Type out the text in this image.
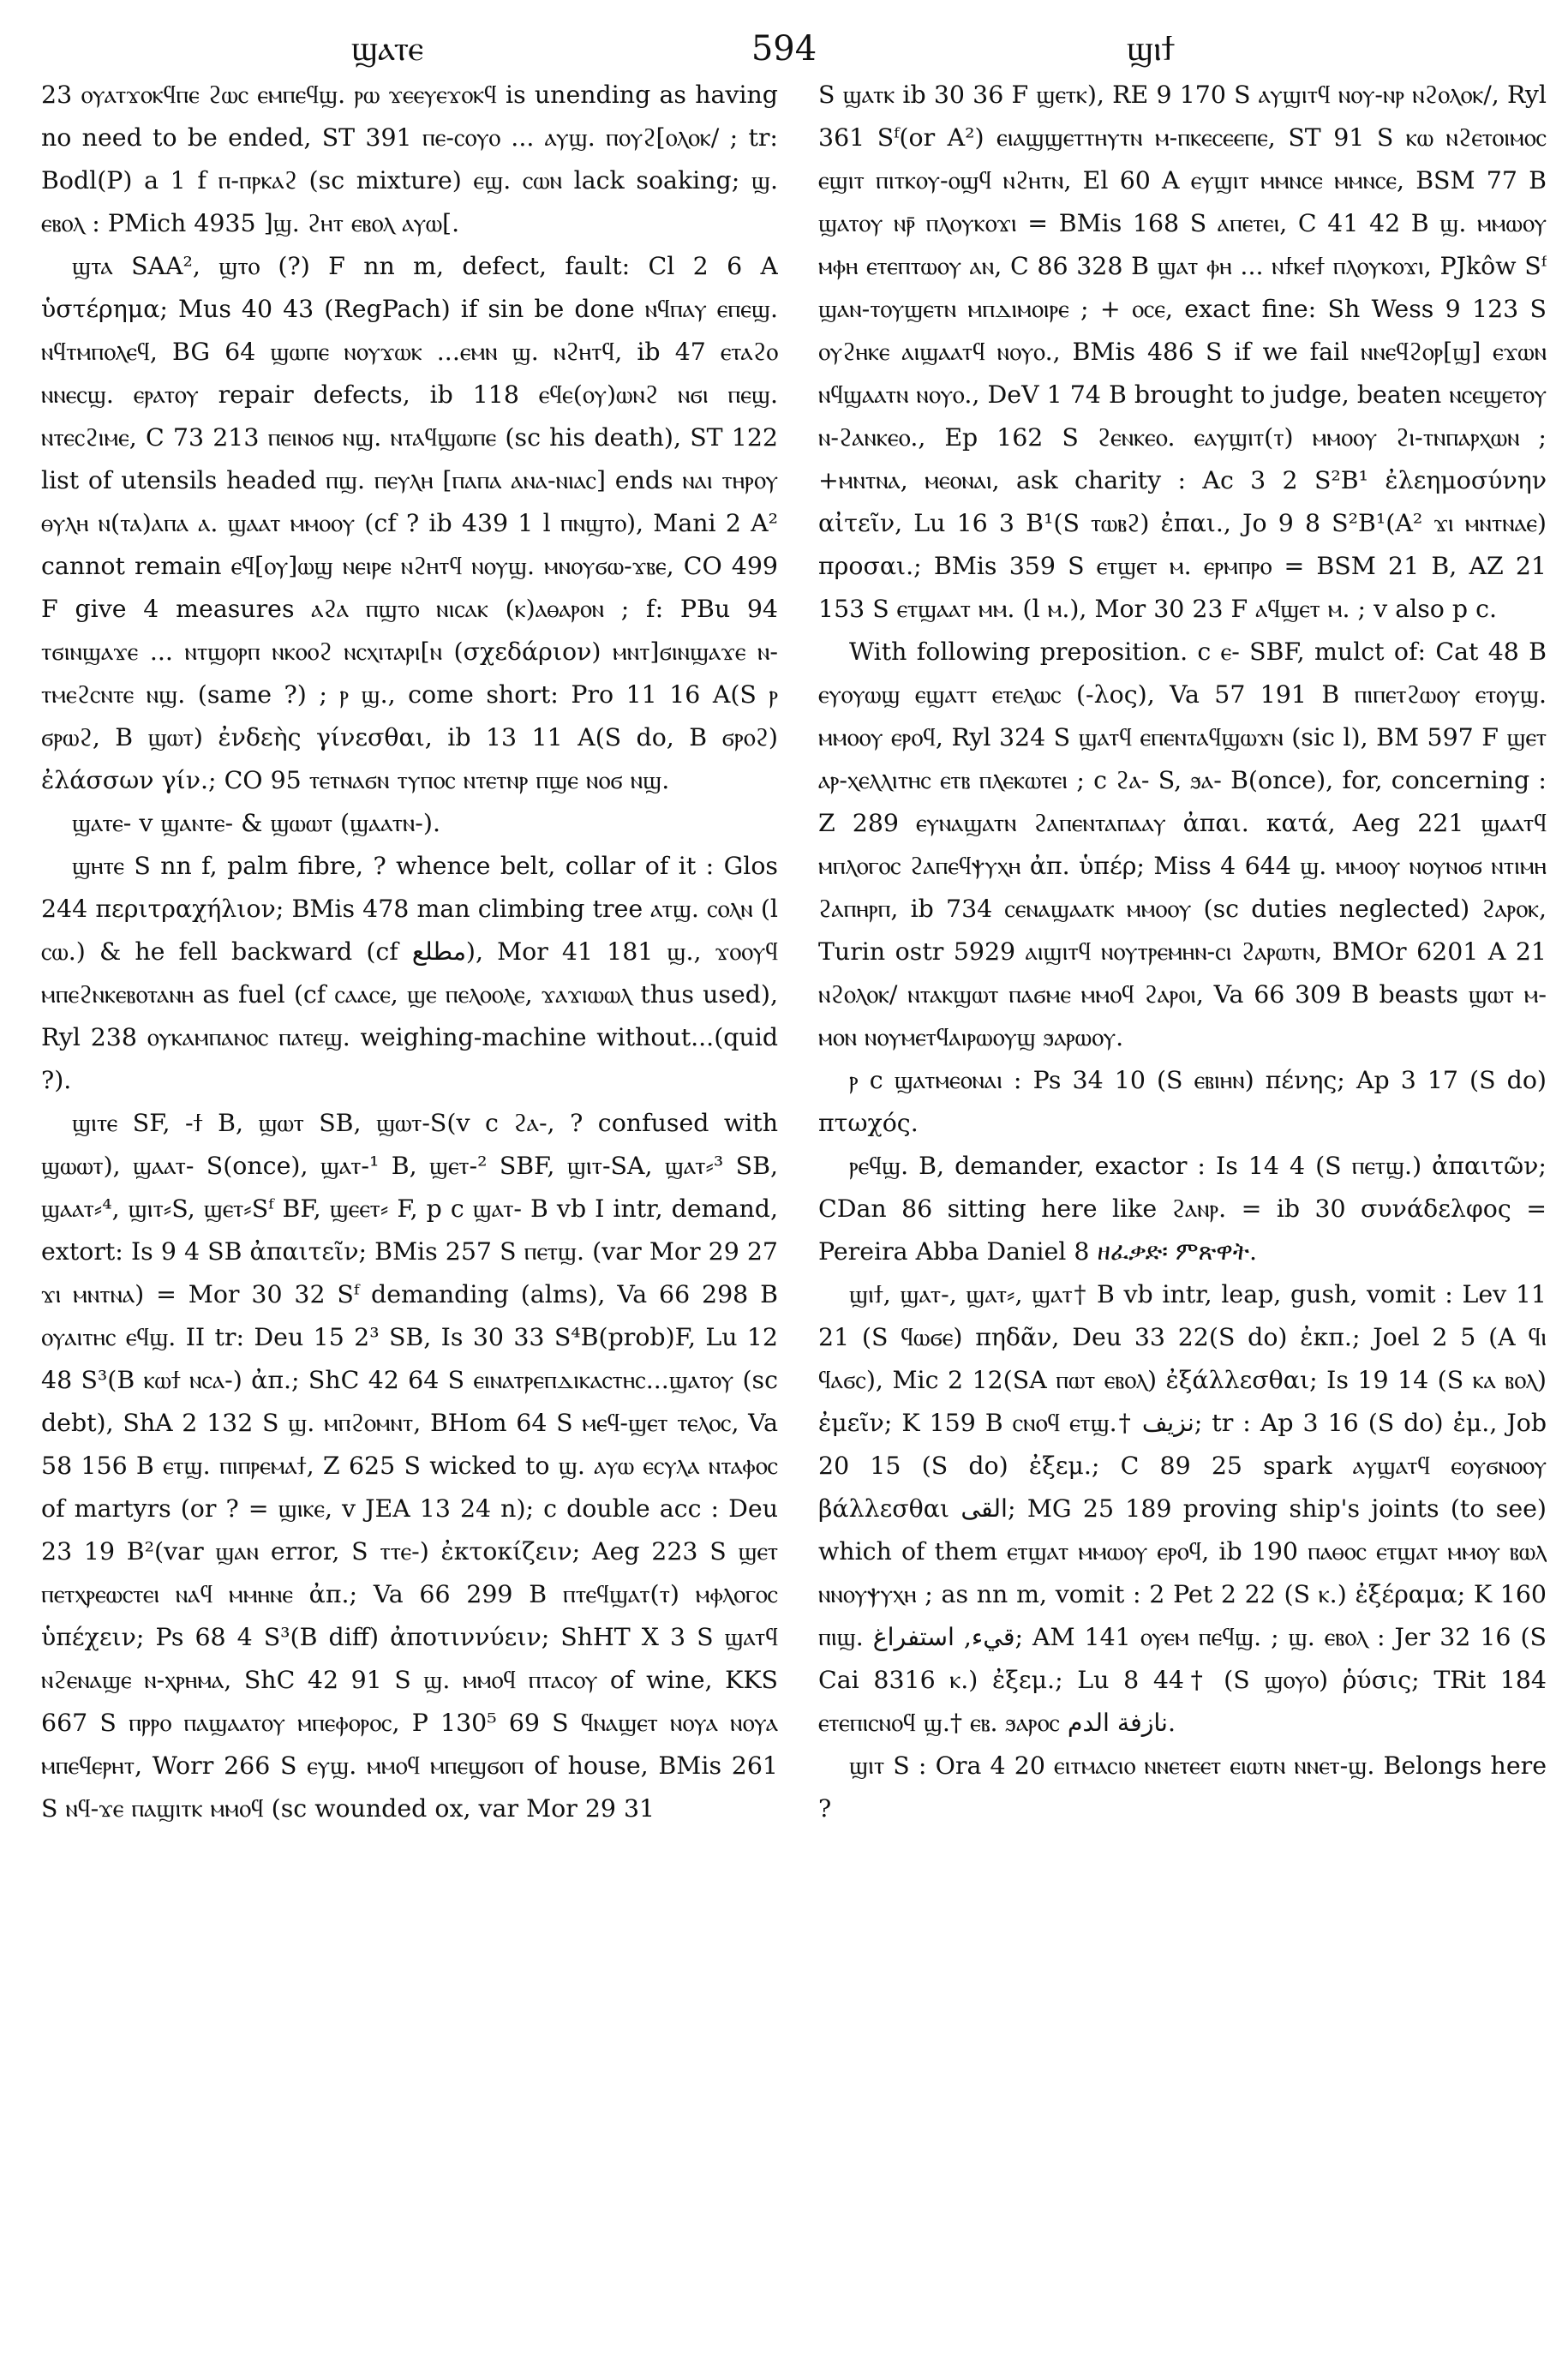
ϣⲁⲧⲉ	594	ϣⲓϯ

23 ⲟⲩⲁⲧϫⲟⲕϥⲡⲉ ϩⲱⲥ ⲉⲙⲡⲉϥϣ. ⲣⲱ ϫⲉⲉⲩⲉϫⲟⲕϥ is unending as having no need to be ended, ST 391 ⲡⲉ-ⲥⲟⲩⲟ ... ⲁⲩϣ. ⲡⲟⲩϩ[ⲟⲗⲟⲕ/ ; tr: Bodl(P) a 1 f ⲡ-ⲡⲣⲕⲁϩ (sc mixture) ⲉϣ. ⲥⲱⲛ lack soaking; ϣ. ⲉⲃⲟⲗ : PMich 4935 ]ϣ. ϩⲏⲧ ⲉⲃⲟⲗ ⲁⲩⲱ[.

ϣⲧⲁ SAA², ϣⲧⲟ (?) F nn m, defect, fault: Cl 2 6 A ὑστέρημα; Mus 40 43 (RegPach) if sin be done ⲛϥⲡⲁⲩ ⲉⲡⲉϣ. ⲛϥⲧⲙⲡⲟⲗⲉϥ, BG 64 ϣⲱⲡⲉ ⲛⲟⲩϫⲱⲕ ...ⲉⲙⲛ ϣ. ⲛϩⲏⲧϥ, ib 47 ⲉⲧⲁϩⲟ ⲛⲛⲉⲥϣ. ⲉⲣⲁⲧⲟⲩ repair defects, ib 118 ⲉϥⲉ(ⲟⲩ)ⲱⲛϩ ⲛϭⲓ ⲡⲉϣ. ⲛⲧⲉⲥϩⲓⲙⲉ, C 73 213 ⲡⲉⲓⲛⲟϭ ⲛϣ. ⲛⲧⲁϥϣⲱⲡⲉ (sc his death), ST 122 list of utensils headed ⲡϣ. ⲡⲉⲩⲗⲏ [ⲡⲁⲡⲁ ⲁⲛⲁ-ⲛⲓⲁⲥ] ends ⲛⲁⲓ ⲧⲏⲣⲟⲩ ⲑⲩⲗⲏ ⲛ(ⲧⲁ)ⲁⲡⲁ ⲁ. ϣⲁⲁⲧ ⲙⲙⲟⲟⲩ (cf ? ib 439 1 l ⲡⲛϣⲧⲟ), Mani 2 A² cannot remain ⲉϥ[ⲟⲩ]ⲱϣ ⲛⲉⲓⲣⲉ ⲛϩⲏⲧϥ ⲛⲟⲩϣ. ⲙⲛⲟⲩϭⲱ-ϫⲃⲉ, CO 499 F give 4 measures ⲁϩⲁ ⲡϣⲧⲟ ⲛⲓⲥⲁⲕ (ⲕ)ⲁⲑⲁⲣⲟⲛ ; f: PBu 94 ⲧϭⲓⲛϣⲁϫⲉ ... ⲛⲧϣⲟⲣⲡ ⲛⲕⲟⲟϩ ⲛⲥⲭⲓⲧⲁⲣⲓ[ⲛ (σχεδάριον) ⲙⲛⲧ]ϭⲓⲛϣⲁϫⲉ ⲛ-ⲧⲙⲉϩⲥⲛⲧⲉ ⲛϣ. (same ?) ; ⲣ ϣ., come short: Pro 11 16 A(S ⲣ ϭⲣⲱϩ, B ϣⲱⲧ) ἐνδεὴς γίνεσθαι, ib 13 11 A(S do, B ϭⲣⲟϩ) ἐλάσσων γίν.; CO 95 ⲧⲉⲧⲛⲁϭⲛ ⲧⲩⲡⲟⲥ ⲛⲧⲉⲧⲛⲣ ⲡϣⲉ ⲛⲟϭ ⲛϣ.

ϣⲁⲧⲉ- v ϣⲁⲛⲧⲉ- & ϣⲱⲱⲧ (ϣⲁⲁⲧⲛ-).

ϣⲏⲧⲉ S nn f, palm fibre, ? whence belt, collar of it : Glos 244 περιτραχήλιον; BMis 478 man climbing tree ⲁⲧϣ. ⲥⲟⲗⲛ (l ⲥⲱ.) & he fell backward (cf مطلع), Mor 41 181 ϣ., ϫⲟⲟⲩϥ ⲙⲡⲉϩⲛⲕⲉⲃⲟⲧⲁⲛⲏ as fuel (cf ⲥⲁⲁⲥⲉ, ϣⲉ ⲡⲉⲗⲟⲟⲗⲉ, ϫⲁϫⲓⲱⲱⲗ thus used), Ryl 238 ⲟⲩⲕⲁⲙⲡⲁⲛⲟⲥ ⲡⲁⲧⲉϣ. weighing-machine without...(quid ?).

ϣⲓⲧⲉ SF, -ϯ B, ϣⲱⲧ SB, ϣⲱⲧ-S(v c ϩⲁ-, ? confused with ϣⲱⲱⲧ), ϣⲁⲁⲧ- S(once), ϣⲁⲧ-¹ B, ϣⲉⲧ-² SBF, ϣⲓⲧ-SA, ϣⲁⲧ⸗³ SB, ϣⲁⲁⲧ⸗⁴, ϣⲓⲧ⸗S, ϣⲉⲧ⸗Sᶠ BF, ϣⲉⲉⲧ⸗ F, p c ϣⲁⲧ- B vb I intr, demand, extort: Is 9 4 SB ἀπαιτεῖν; BMis 257 S ⲡⲉⲧϣ. (var Mor 29 27 ϫⲓ ⲙⲛⲧⲛⲁ) = Mor 30 32 Sᶠ demanding (alms), Va 66 298 B ⲟⲩⲁⲓⲧⲏⲥ ⲉϥϣ. II tr: Deu 15 2³ SB, Is 30 33 S⁴B(prob)F, Lu 12 48 S³(B ⲕⲱϯ ⲛⲥⲁ-) ἀπ.; ShC 42 64 S ⲉⲓⲛⲁⲧⲣⲉⲡⲇⲓⲕⲁⲥⲧⲏⲥ...ϣⲁⲧⲟⲩ (sc debt), ShA 2 132 S ϣ. ⲙⲡϩⲟⲙⲛⲧ, BHom 64 S ⲙⲉϥ-ϣⲉⲧ ⲧⲉⲗⲟⲥ, Va 58 156 B ⲉⲧϣ. ⲡⲓⲡⲣⲉⲙⲁϯ, Z 625 S wicked to ϣ. ⲁⲩⲱ ⲉⲥⲩⲗⲁ ⲛⲧⲁⲫⲟⲥ of martyrs (or ? = ϣⲓⲕⲉ, v JEA 13 24 n); c double acc : Deu 23 19 B²(var ϣⲁⲛ error, S ⲧⲧⲉ-) ἐκτοκίζειν; Aeg 223 S ϣⲉⲧ ⲡⲉⲧⲭⲣⲉⲱⲥⲧⲉⲓ ⲛⲁϥ ⲙⲙⲏⲛⲉ ἀπ.; Va 66 299 B ⲡⲧⲉϥϣⲁⲧ(ⲧ) ⲙⲫⲗⲟⲅⲟⲥ ὑπέχειν; Ps 68 4 S³(B diff) ἀποτιννύειν; ShHT X 3 S ϣⲁⲧϥ ⲛϩⲉⲛⲁϣⲉ ⲛ-ⲭⲣⲏⲙⲁ, ShC 42 91 S ϣ. ⲙⲙⲟϥ ⲡⲧⲁⲥⲟⲩ of wine, KKS 667 S ⲡⲣⲣⲟ ⲡⲁϣⲁⲁⲧⲟⲩ ⲙⲡⲉⲫⲟⲣⲟⲥ, P 130⁵ 69 S ϥⲛⲁϣⲉⲧ ⲛⲟⲩⲁ ⲛⲟⲩⲁ ⲙⲡⲉϥⲉⲣⲏⲧ, Worr 266 S ⲉⲩϣ. ⲙⲙⲟϥ ⲙⲡⲉϣϭⲟⲡ of house, BMis 261 S ⲛϥ-ϫⲉ ⲡⲁϣⲓⲧⲕ ⲙⲙⲟϥ (sc wounded ox, var Mor 29 31

S ϣⲁⲧⲕ ib 30 36 F ϣⲉⲧⲕ), RE 9 170 S ⲁⲩϣⲓⲧϥ ⲛⲟⲩ-ⲛⲣ ⲛϩⲟⲗⲟⲕ/, Ryl 361 Sᶠ(or A²) ⲉⲓⲁϣϣⲉⲧⲧⲏⲩⲧⲛ ⲙ-ⲡⲕⲉⲥⲉⲉⲡⲉ, ST 91 S ⲕⲱ ⲛϩⲉⲧⲟⲓⲙⲟⲥ ⲉϣⲓⲧ ⲡⲓⲧⲕⲟⲩ-ⲟϣϥ ⲛϩⲏⲧⲛ, El 60 A ⲉⲩϣⲓⲧ ⲙⲙⲛⲥⲉ ⲙⲙⲛⲥⲉ, BSM 77 B ϣⲁⲧⲟⲩ ⲛⲣ̄ ⲡⲗⲟⲩⲕⲟϫⲓ = BMis 168 S ⲁⲡⲉⲧⲉⲓ, C 41 42 B ϣ. ⲙⲙⲱⲟⲩ ⲙⲫⲏ ⲉⲧⲉⲡⲧⲱⲟⲩ ⲁⲛ, C 86 328 B ϣⲁⲧ ⲫⲏ ... ⲛϯⲕⲉϯ ⲡⲗⲟⲩⲕⲟϫⲓ, PJkôw Sᶠ ϣⲁⲛ-ⲧⲟⲩϣⲉⲧⲛ ⲙⲡⲇⲓⲙⲟⲓⲣⲉ ; + ⲟⲥⲉ, exact fine: Sh Wess 9 123 S ⲟⲩϩⲏⲕⲉ ⲁⲓϣⲁⲁⲧϥ ⲛⲟⲩⲟ., BMis 486 S if we fail ⲛⲛⲉϥϩⲟⲣ[ϣ] ⲉϫⲱⲛ ⲛϥϣⲁⲁⲧⲛ ⲛⲟⲩⲟ., DeV 1 74 B brought to judge, beaten ⲛⲥⲉϣⲉⲧⲟⲩ ⲛ-ϩⲁⲛⲕⲉⲟ., Ep 162 S ϩⲉⲛⲕⲉⲟ. ⲉⲁⲩϣⲓⲧ(ⲧ) ⲙⲙⲟⲟⲩ ϩⲓ-ⲧⲛⲡⲁⲣⲭⲱⲛ ; +ⲙⲛⲧⲛⲁ, ⲙⲉⲟⲛⲁⲓ, ask charity : Ac 3 2 S²B¹ ἐλεημοσύνην αἰτεῖν, Lu 16 3 B¹(S ⲧⲱⲃϩ) ἐπαι., Jo 9 8 S²B¹(A² ϫⲓ ⲙⲛⲧⲛⲁⲉ) προσαι.; BMis 359 S ⲉⲧϣⲉⲧ ⲙ. ⲉⲣⲙⲡⲣⲟ = BSM 21 B, AZ 21 153 S ⲉⲧϣⲁⲁⲧ ⲙⲙ. (l ⲙ.), Mor 30 23 F ⲁϥϣⲉⲧ ⲙ. ; v also p c.

With following preposition. c ⲉ- SBF, mulct of: Cat 48 B ⲉⲩⲟⲩⲱϣ ⲉϣⲁⲧⲧ ⲉⲧⲉⲗⲱⲥ (-λος), Va 57 191 B ⲡⲓⲡⲉⲧϩⲱⲟⲩ ⲉⲧⲟⲩϣ. ⲙⲙⲟⲟⲩ ⲉⲣⲟϥ, Ryl 324 S ϣⲁⲧϥ ⲉⲡⲉⲛⲧⲁϥϣⲱϫⲛ (sic l), BM 597 F ϣⲉⲧ ⲁⲣ-ⲭⲉⲗⲗⲓⲧⲏⲥ ⲉⲧⲃ ⲡⲗⲉⲕⲱⲧⲉⲓ ; c ϩⲁ- S, ϧⲁ- B(once), for, concerning : Z 289 ⲉⲩⲛⲁϣⲁⲧⲛ ϩⲁⲡⲉⲛⲧⲁⲡⲁⲁⲩ ἀπαι. κατά, Aeg 221 ϣⲁⲁⲧϥ ⲙⲡⲗⲟⲅⲟⲥ ϩⲁⲡⲉϥⲯⲩⲭⲏ ἀπ. ὑπέρ; Miss 4 644 ϣ. ⲙⲙⲟⲟⲩ ⲛⲟⲩⲛⲟϭ ⲛⲧⲓⲙⲏ ϩⲁⲡⲏⲣⲡ, ib 734 ⲥⲉⲛⲁϣⲁⲁⲧⲕ ⲙⲙⲟⲟⲩ (sc duties neglected) ϩⲁⲣⲟⲕ, Turin ostr 5929 ⲁⲓϣⲓⲧϥ ⲛⲟⲩⲧⲣⲉⲙⲏⲛ-ⲥⲓ ϩⲁⲣⲱⲧⲛ, BMOr 6201 A 21 ⲛϩⲟⲗⲟⲕ/ ⲛⲧⲁⲕϣⲱⲧ ⲡⲁϭⲙⲉ ⲙⲙⲟϥ ϩⲁⲣⲟⲓ, Va 66 309 B beasts ϣⲱⲧ ⲙ-ⲙⲟⲛ ⲛⲟⲩⲙⲉⲧϥⲁⲓⲣⲱⲟⲩϣ ϧⲁⲣⲱⲟⲩ.

ⲣ c ϣⲁⲧⲙⲉⲟⲛⲁⲓ : Ps 34 10 (S ⲉⲃⲓⲏⲛ) πένης; Ap 3 17 (S do) πτωχός.

ⲣⲉϥϣ. B, demander, exactor : Is 14 4 (S ⲡⲉⲧϣ.) ἀπαιτῶν; CDan 86 sitting here like ϩⲁⲛⲣ. = ib 30 συνάδελφος = Pereira Abba Daniel 8 ዘፈቃድ፡ ምጽዋት.

ϣⲓϯ, ϣⲁⲧ-, ϣⲁⲧ⸗, ϣⲁⲧ† B vb intr, leap, gush, vomit : Lev 11 21 (S ϥⲱϭⲉ) πηδᾶν, Deu 33 22(S do) ἐκπ.; Joel 2 5 (A ϥⲓ ϥⲁϭⲥ), Mic 2 12(SA ⲡⲱⲧ ⲉⲃⲟⲗ) ἐξάλλεσθαι; Is 19 14 (S ⲕⲁ ⲃⲟⲗ) ἐμεῖν; K 159 B ⲥⲛⲟϥ ⲉⲧϣ.† نزيف; tr : Ap 3 16 (S do) ἐμ., Job 20 15 (S do) ἐξεμ.; C 89 25 spark ⲁⲩϣⲁⲧϥ ⲉⲟⲩϭⲛⲟⲟⲩ βάλλεσθαι القى; MG 25 189 proving ship's joints (to see) which of them ⲉⲧϣⲁⲧ ⲙⲙⲱⲟⲩ ⲉⲣⲟϥ, ib 190 ⲡⲁⲑⲟⲥ ⲉⲧϣⲁⲧ ⲙⲙⲟⲩ ⲃⲱⲗ ⲛⲛⲟⲩⲯⲩⲭⲏ ; as nn m, vomit : 2 Pet 2 22 (S ⲕ.) ἐξέραμα; K 160 ⲡⲓϣ. قيء, استفراغ; AM 141 ⲟⲩⲉⲙ ⲡⲉϥϣ. ; ϣ. ⲉⲃⲟⲗ : Jer 32 16 (S Cai 8316 ⲕ.) ἐξεμ.; Lu 8 44† (S ϣⲟⲩⲟ) ῥύσις; TRit 184 ⲉⲧⲉⲡⲓⲥⲛⲟϥ ϣ.† ⲉⲃ. ϧⲁⲣⲟⲥ نازفة الدم.

ϣⲓⲧ S : Ora 4 20 ⲉⲓⲧⲙⲁⲥⲓⲟ ⲛⲛⲉⲧⲉⲉⲧ ⲉⲓⲱⲧⲛ ⲛⲛⲉⲧ-ϣ. Belongs here ?
